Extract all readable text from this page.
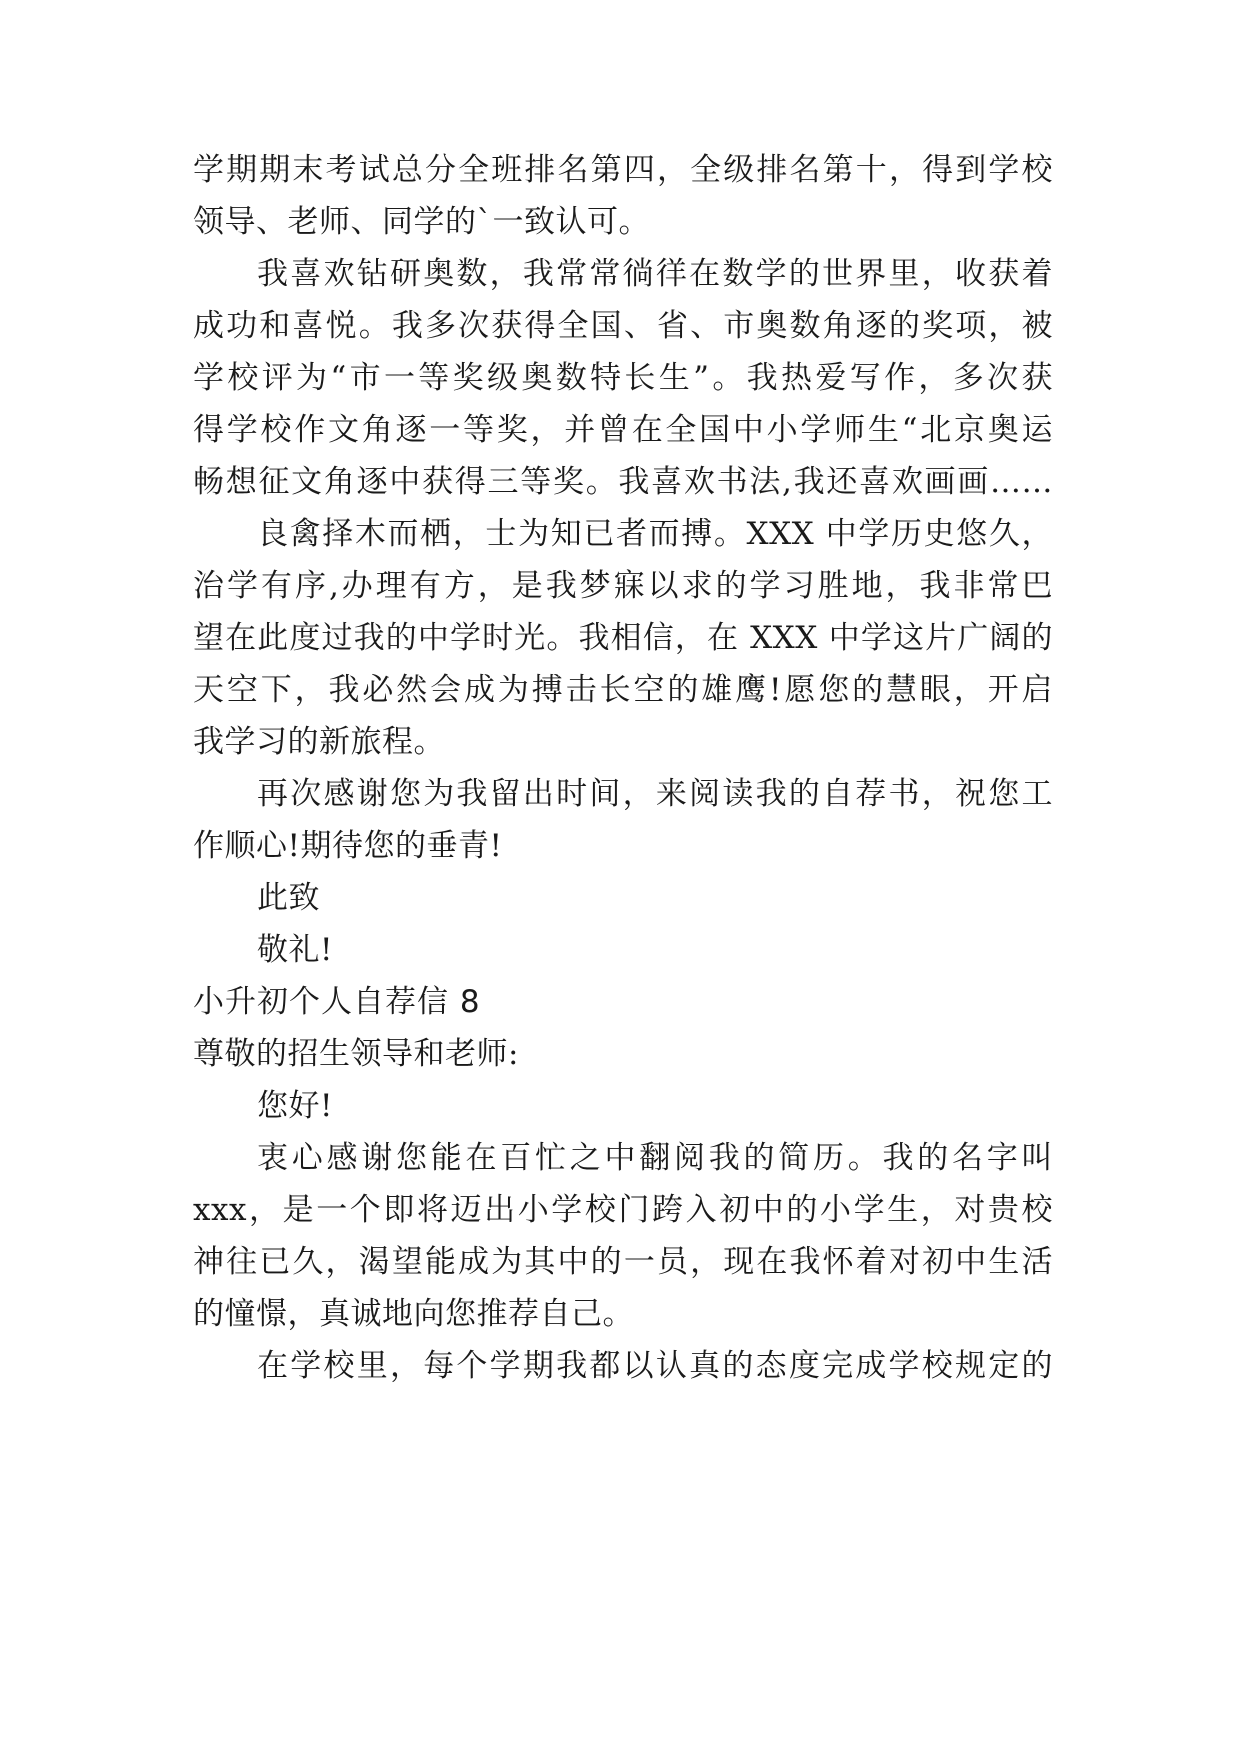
学期期末考试总分全班排名第四，全级排名第十，得到学校
领导、老师、同学的`一致认可。
我喜欢钻研奥数，我常常徜徉在数学的世界里，收获着
成功和喜悦。我多次获得全国、省、市奥数角逐的奖项，被
学校评为“市一等奖级奥数特长生”。我热爱写作，多次获
得学校作文角逐一等奖，并曾在全国中小学师生“北京奥运
畅想征文角逐中获得三等奖。我喜欢书法,我还喜欢画画……
良禽择木而栖，士为知已者而搏。XXX 中学历史悠久，
治学有序,办理有方，是我梦寐以求的学习胜地，我非常巴
望在此度过我的中学时光。我相信，在 XXX 中学这片广阔的
天空下，我必然会成为搏击长空的雄鹰!愿您的慧眼，开启
我学习的新旅程。
再次感谢您为我留出时间，来阅读我的自荐书，祝您工
作顺心!期待您的垂青!
此致
敬礼!
小升初个人自荐信 8
尊敬的招生领导和老师:
您好!
衷心感谢您能在百忙之中翻阅我的简历。我的名字叫
xxx，是一个即将迈出小学校门跨入初中的小学生，对贵校
神往已久，渴望能成为其中的一员，现在我怀着对初中生活
的憧憬，真诚地向您推荐自己。
在学校里，每个学期我都以认真的态度完成学校规定的
